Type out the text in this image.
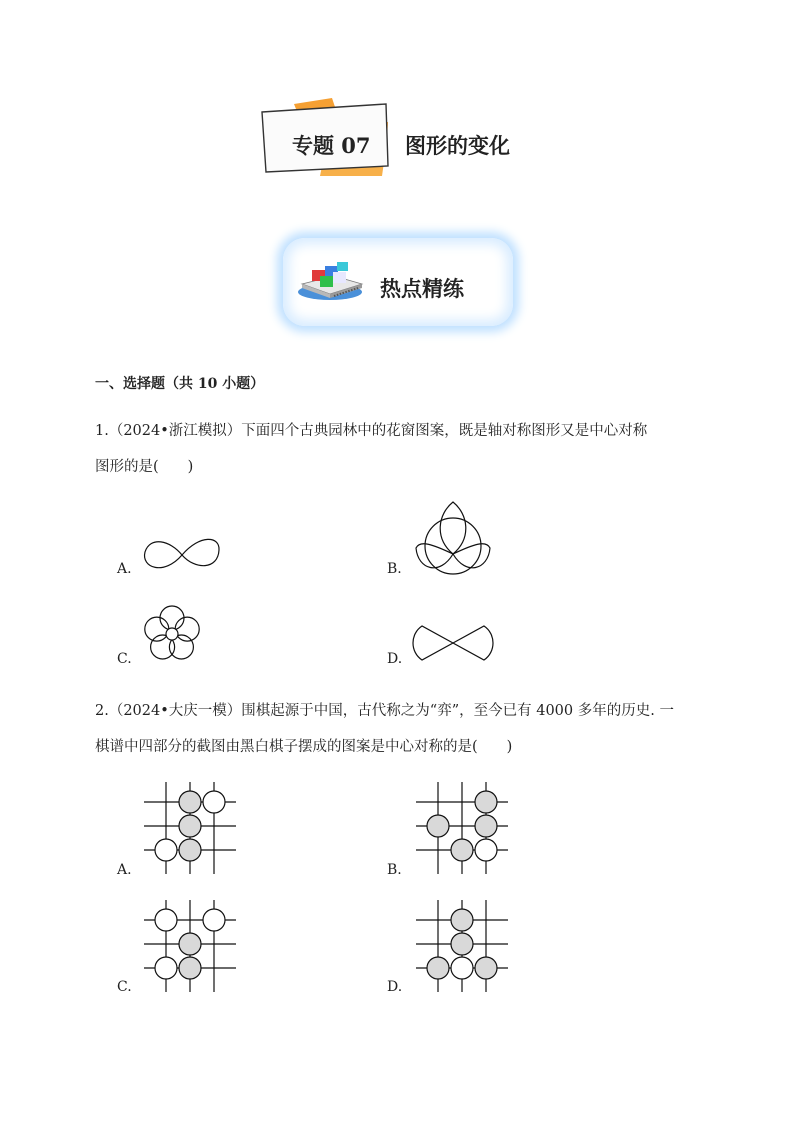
专题 07 图形的变化
热点精练
一、选择题（共 10 小题）
1.（2024•浙江模拟）下面四个古典园林中的花窗图案，既是轴对称图形又是中心对称
图形的是(　　)
A.	B.
C.	D.
2.（2024•大庆一模）围棋起源于中国，古代称之为“弈”，至今已有 4000 多年的历史. 一
棋谱中四部分的截图由黑白棋子摆成的图案是中心对称的是(　　)
A.	B.
C.	D.
